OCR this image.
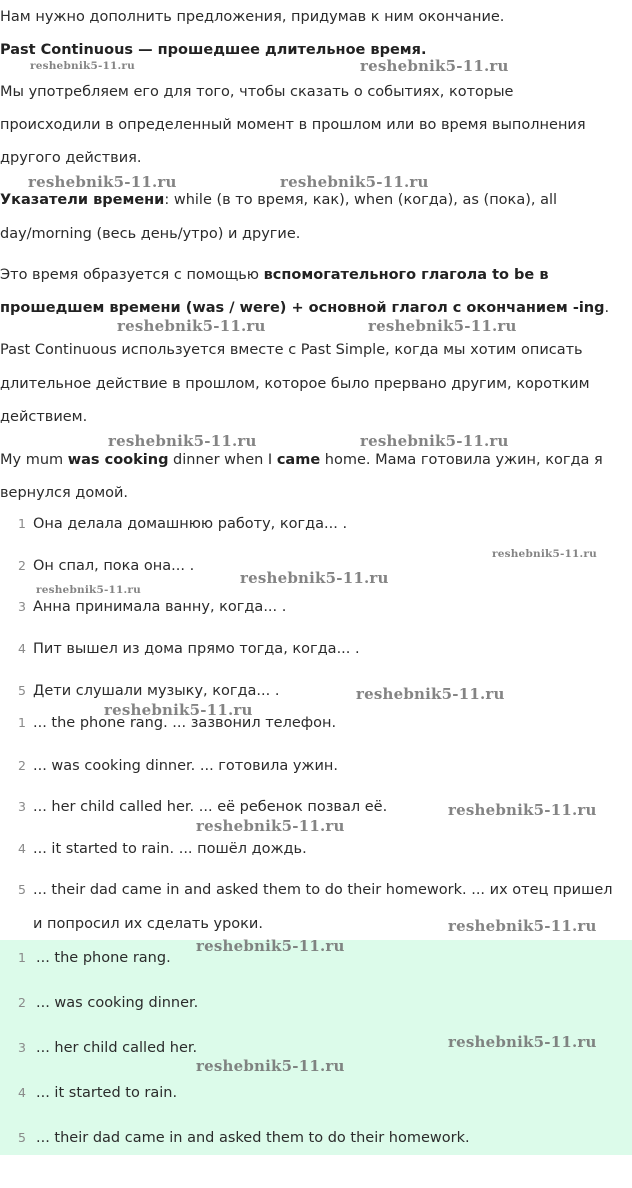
Нам нужно дополнить предложения, придумав к ним окончание.

Past Continuous — прошедшее длительное время.

Мы употребляем его для того, чтобы сказать о событиях, которые

происходили в определенный момент в прошлом или во время выполнения

другого действия.

Указатели времени: while (в то время, как), when (когда), as (пока), all

day/morning (весь день/утро) и другие.

Это время образуется с помощью вспомогательного глагола to be в

прошедшем времени (was / were) + основной глагол с окончанием -ing.

Past Continuous используется вместе с Past Simple, когда мы хотим описать

длительное действие в прошлом, которое было прервано другим, коротким

действием.

My mum was cooking dinner when I came home. Мама готовила ужин, когда я

вернулся домой.

1 Она делала домашнюю работу, когда... .
2 Он спал, пока она... .
3 Анна принимала ванну, когда... .
4 Пит вышел из дома прямо тогда, когда... .
5 Дети слушали музыку, когда... .
1 ... the phone rang. ... зазвонил телефон.
2 ... was cooking dinner. ... готовила ужин.
3 ... her child called her. ... её ребенок позвал её.
4 ... it started to rain. ... пошёл дождь.
5 ... their dad came in and asked them to do their homework. ... их отец пришел
и попросил их сделать уроки.
1 ... the phone rang.
2 ... was cooking dinner.
3 ... her child called her.
4 ... it started to rain.
5 ... their dad came in and asked them to do their homework.
reshebnik5-11.ru	reshebnik5-11.ru
reshebnik5-11.ru	reshebnik5-11.ru
reshebnik5-11.ru	reshebnik5-11.ru
reshebnik5-11.ru	reshebnik5-11.ru
reshebnik5-11.ru
reshebnik5-11.ru
reshebnik5-11.ru
reshebnik5-11.ru
reshebnik5-11.ru
reshebnik5-11.ru
reshebnik5-11.ru
reshebnik5-11.ru
reshebnik5-11.ru
reshebnik5-11.ru
reshebnik5-11.ru
